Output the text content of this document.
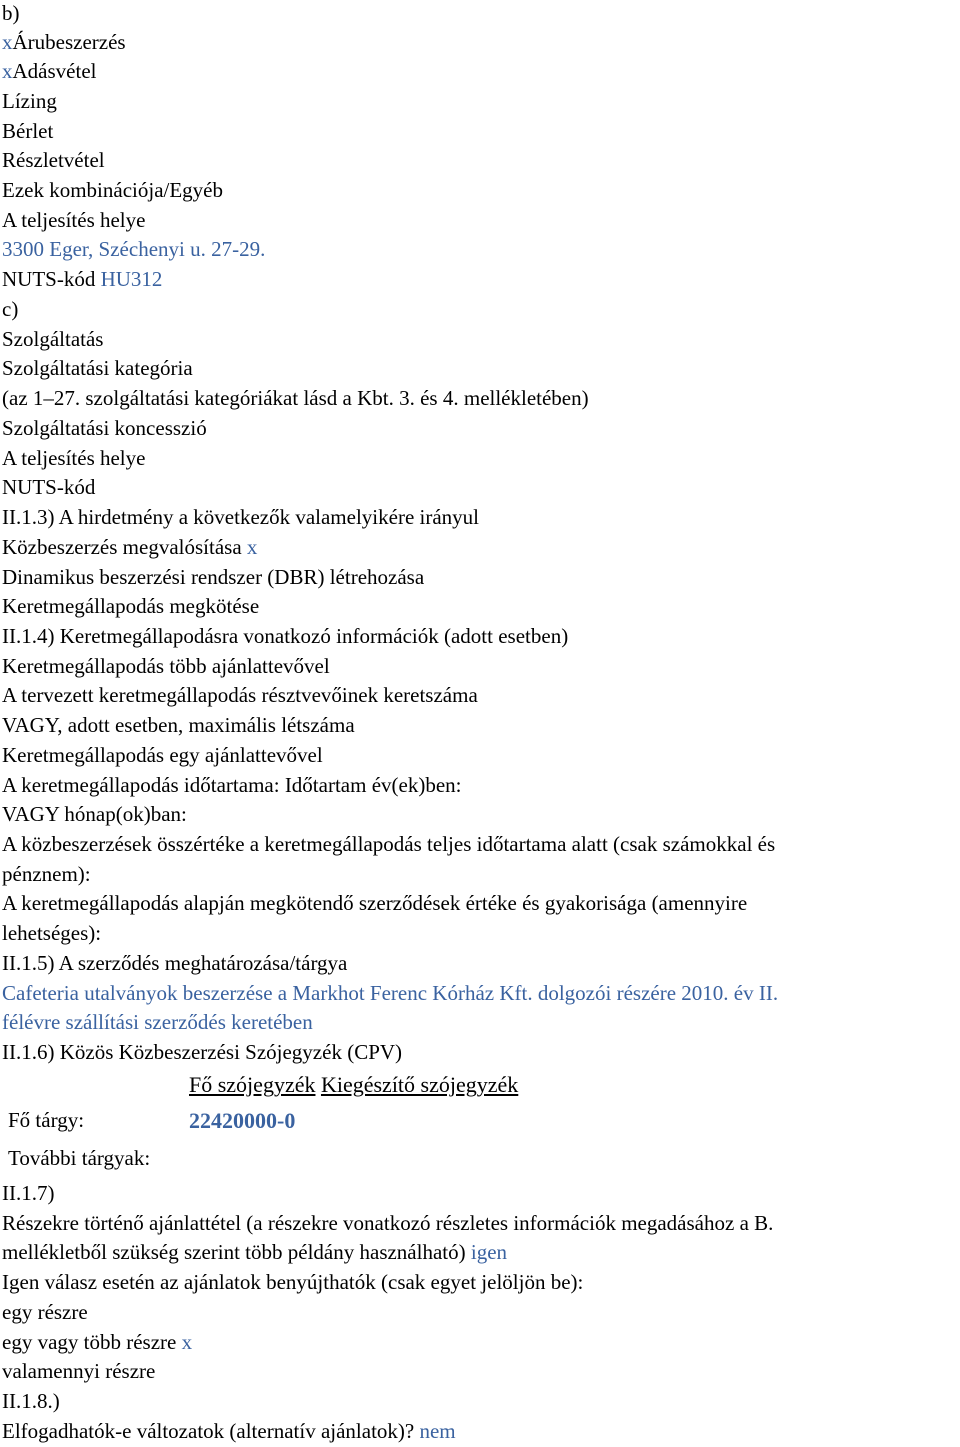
Fő szójegyzék Kiegészítő szójegyzék
Fő tárgy:	22420000-0
További tárgyak:
b)
xÁrubeszerzés
xAdásvétel
Lízing
Bérlet
Részletvétel
Ezek kombinációja/Egyéb
A teljesítés helye
3300 Eger, Széchenyi u. 27-29.
NUTS-kód HU312
c)
Szolgáltatás
Szolgáltatási kategória
(az 1–27. szolgáltatási kategóriákat lásd a Kbt. 3. és 4. mellékletében)
Szolgáltatási koncesszió
A teljesítés helye
NUTS-kód
II.1.3) A hirdetmény a következők valamelyikére irányul
Közbeszerzés megvalósítása x
Dinamikus beszerzési rendszer (DBR) létrehozása
Keretmegállapodás megkötése
II.1.4) Keretmegállapodásra vonatkozó információk (adott esetben)
Keretmegállapodás több ajánlattevővel
A tervezett keretmegállapodás résztvevőinek keretszáma
VAGY, adott esetben, maximális létszáma
Keretmegállapodás egy ajánlattevővel
A keretmegállapodás időtartama: Időtartam év(ek)ben:
VAGY hónap(ok)ban:
A közbeszerzések összértéke a keretmegállapodás teljes időtartama alatt (csak számokkal és
pénznem):
A keretmegállapodás alapján megkötendő szerződések értéke és gyakorisága (amennyire
lehetséges):
II.1.5) A szerződés meghatározása/tárgya
Cafeteria utalványok beszerzése a Markhot Ferenc Kórház Kft. dolgozói részére 2010. év II.
félévre szállítási szerződés keretében
II.1.6) Közös Közbeszerzési Szójegyzék (CPV)
II.1.7)
Részekre történő ajánlattétel (a részekre vonatkozó részletes információk megadásához a B.
mellékletből szükség szerint több példány használható) igen
Igen válasz esetén az ajánlatok benyújthatók (csak egyet jelöljön be):
egy részre
egy vagy több részre x
valamennyi részre
II.1.8.)
Elfogadhatók-e változatok (alternatív ajánlatok)? nem
